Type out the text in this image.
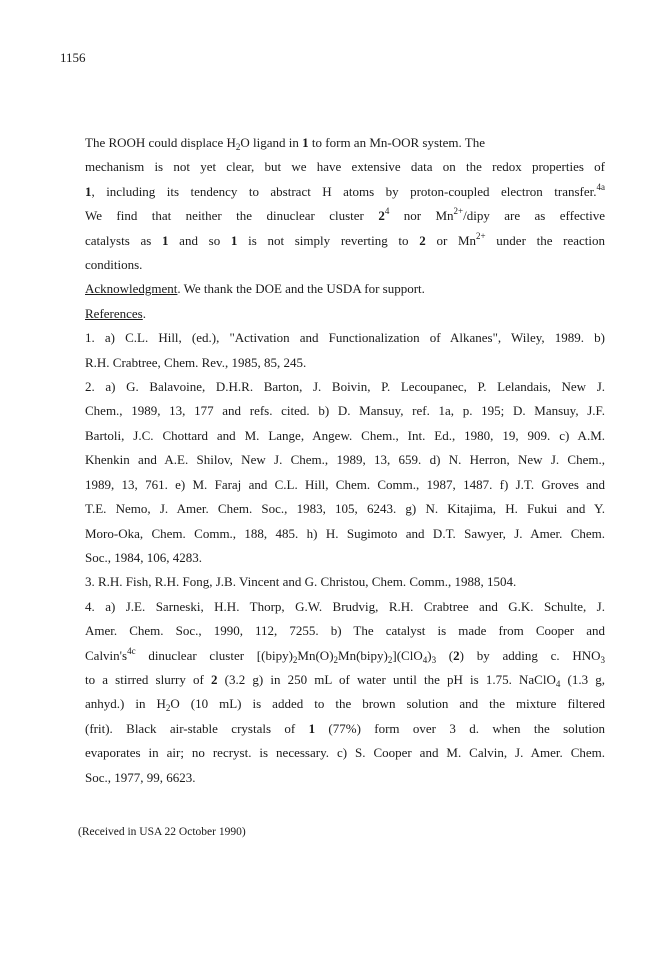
1156
The ROOH could displace $H_2O$ ligand in 1 to form an Mn-OOR system. The
mechanism is not yet clear, but we have extensive data on the redox properties of
1, including its tendency to abstract H atoms by proton-coupled electron transfer.$^{4a}$
We find that neither the dinuclear cluster $2^4$ nor $Mn^{2+}$/dipy are as effective
catalysts as 1 and so 1 is not simply reverting to 2 or $Mn^{2+}$ under the reaction
conditions.
Acknowledgment. We thank the DOE and the USDA for support.
References.
1. a) C.L. Hill, (ed.), "Activation and Functionalization of Alkanes", Wiley, 1989. b)
R.H. Crabtree, Chem. Rev., 1985, 85, 245.
2. a) G. Balavoine, D.H.R. Barton, J. Boivin, P. Lecoupanec, P. Lelandais, New J.
Chem., 1989, 13, 177 and refs. cited. b) D. Mansuy, ref. 1a, p. 195; D. Mansuy, J.F.
Bartoli, J.C. Chottard and M. Lange, Angew. Chem., Int. Ed., 1980, 19, 909. c) A.M.
Khenkin and A.E. Shilov, New J. Chem., 1989, 13, 659. d) N. Herron, New J. Chem.,
1989, 13, 761. e) M. Faraj and C.L. Hill, Chem. Comm., 1987, 1487. f) J.T. Groves and
T.E. Nemo, J. Amer. Chem. Soc., 1983, 105, 6243. g) N. Kitajima, H. Fukui and Y.
Moro-Oka, Chem. Comm., 188, 485. h) H. Sugimoto and D.T. Sawyer, J. Amer. Chem.
Soc., 1984, 106, 4283.
3. R.H. Fish, R.H. Fong, J.B. Vincent and G. Christou, Chem. Comm., 1988, 1504.
4. a) J.E. Sarneski, H.H. Thorp, G.W. Brudvig, R.H. Crabtree and G.K. Schulte, J.
Amer. Chem. Soc., 1990, 112, 7255. b) The catalyst is made from Cooper and
$Calvin's^{4c}$ dinuclear cluster $[(bipy)_2Mn(O)_2Mn(bipy)_2](ClO_4)_3$ (2) by adding c. $HNO_3$
to a stirred slurry of 2 (3.2 g) in 250 mL of water until the pH is 1.75. NaClO$_4$ (1.3 g,
anhyd.) in $H_2O$ (10 mL) is added to the brown solution and the mixture filtered
(frit). Black air-stable crystals of 1 (77%) form over 3 d. when the solution
evaporates in air; no recryst. is necessary. c) S. Cooper and M. Calvin, J. Amer. Chem.
Soc., 1977, 99, 6623.
(Received in USA 22 October 1990)
